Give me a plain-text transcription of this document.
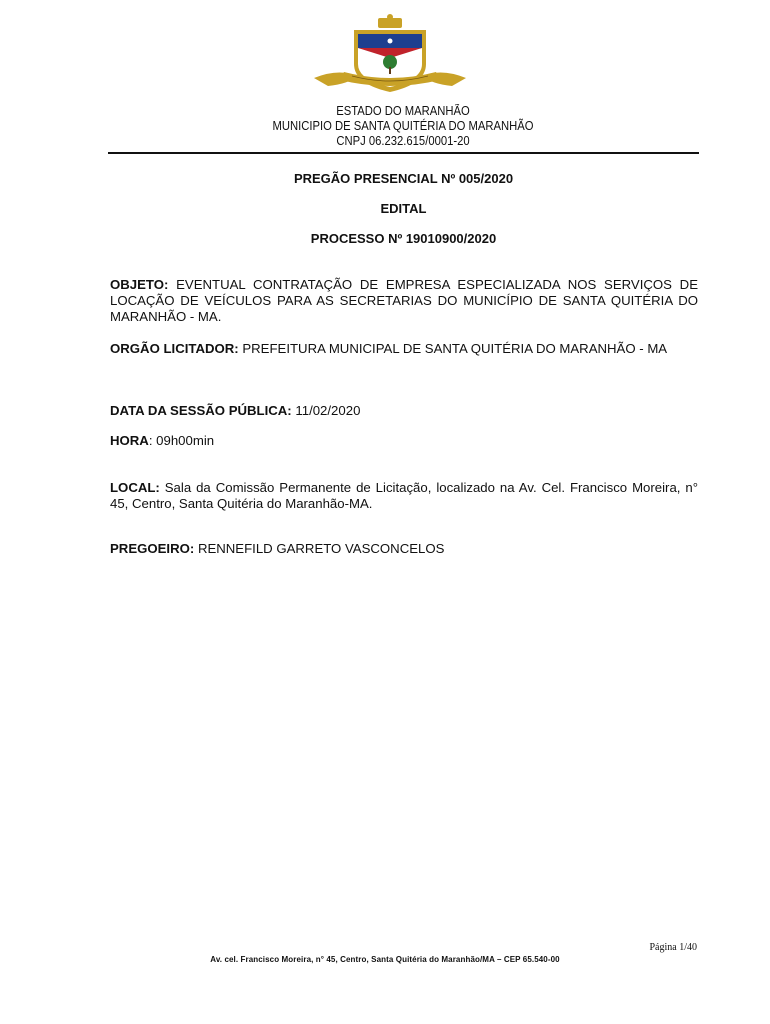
ESTADO DO MARANHÃO
MUNICIPIO DE SANTA QUITÉRIA DO MARANHÃO
CNPJ 06.232.615/0001-20
PREGÃO PRESENCIAL Nº 005/2020
EDITAL
PROCESSO Nº 19010900/2020
OBJETO: EVENTUAL CONTRATAÇÃO DE EMPRESA ESPECIALIZADA NOS SERVIÇOS DE LOCAÇÃO DE VEÍCULOS PARA AS SECRETARIAS DO MUNICÍPIO DE SANTA QUITÉRIA DO MARANHÃO - MA.
ORGÃO LICITADOR: PREFEITURA MUNICIPAL DE SANTA QUITÉRIA DO MARANHÃO - MA
DATA DA SESSÃO PÚBLICA: 11/02/2020
HORA: 09h00min
LOCAL: Sala da Comissão Permanente de Licitação, localizado na Av. Cel. Francisco Moreira, n° 45, Centro, Santa Quitéria do Maranhão-MA.
PREGOEIRO: RENNEFILD GARRETO VASCONCELOS
Página 1/40
Av. cel. Francisco Moreira, n° 45, Centro, Santa Quitéria do Maranhão/MA – CEP 65.540-00
